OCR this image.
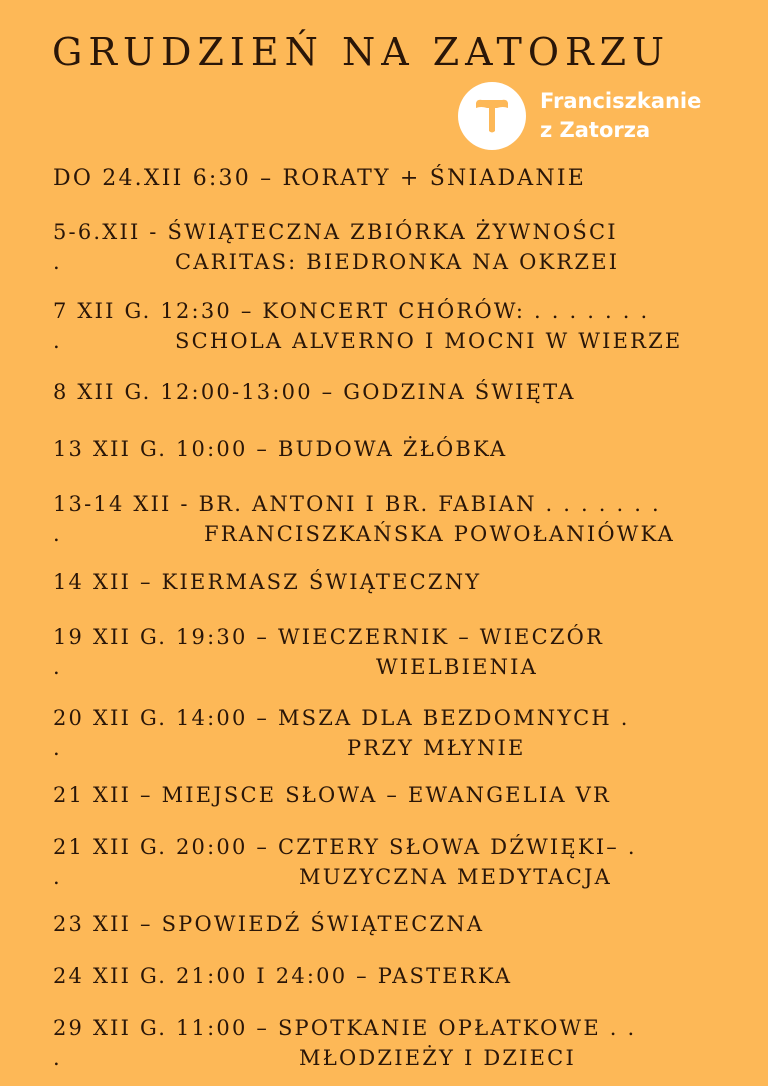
GRUDZIEŃ NA ZATORZU
Franciszkanie
z Zatorza
DO 24.XII 6:30 – RORATY + ŚNIADANIE
5-6.XII - ŚWIĄTECZNA ZBIÓRKA ŻYWNOŚCI
.	CARITAS: BIEDRONKA NA OKRZEI
7 XII G. 12:30 – KONCERT CHÓRÓW: . . . . . . .
.	SCHOLA ALVERNO I MOCNI W WIERZE
8 XII G. 12:00-13:00 – GODZINA ŚWIĘTA
13 XII G. 10:00 – BUDOWA ŻŁÓBKA
13-14 XII - BR. ANTONI I BR. FABIAN . . . . . . .
.	FRANCISZKAŃSKA POWOŁANIÓWKA
14 XII – KIERMASZ ŚWIĄTECZNY
19 XII G. 19:30 – WIECZERNIK – WIECZÓR
.	WIELBIENIA
20 XII G. 14:00 – MSZA DLA BEZDOMNYCH .
.	PRZY MŁYNIE
21 XII – MIEJSCE SŁOWA – EWANGELIA VR
21 XII G. 20:00 – CZTERY SŁOWA DŹWIĘKI– .
.	MUZYCZNA MEDYTACJA
23 XII – SPOWIEDŹ ŚWIĄTECZNA
24 XII G. 21:00 I 24:00 – PASTERKA
29 XII G. 11:00 – SPOTKANIE OPŁATKOWE . .
.	MŁODZIEŻY I DZIECI
